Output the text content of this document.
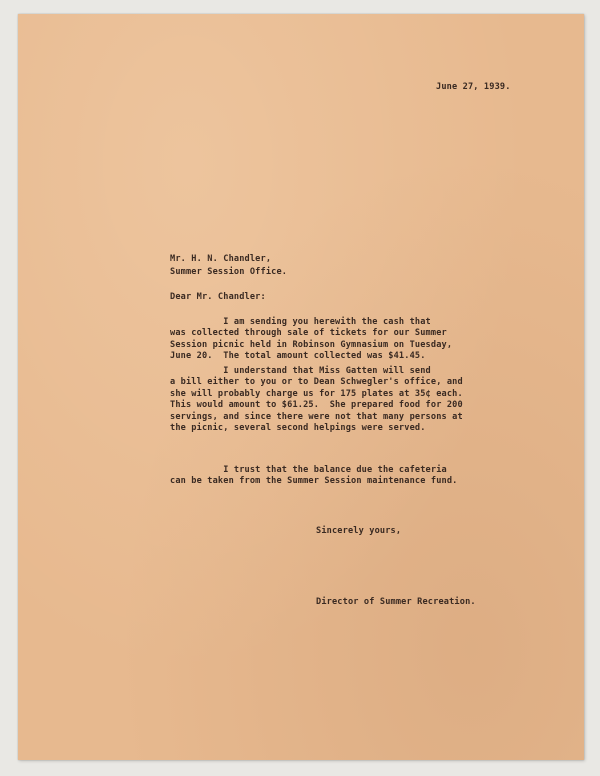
June 27, 1939.
Mr. H. N. Chandler,
Summer Session Office.
Dear Mr. Chandler:
I am sending you herewith the cash that
was collected through sale of tickets for our Summer
Session picnic held in Robinson Gymnasium on Tuesday,
June 20.  The total amount collected was $41.45.
I understand that Miss Gatten will send
a bill either to you or to Dean Schwegler's office, and
she will probably charge us for 175 plates at 35¢ each.
This would amount to $61.25.  She prepared food for 200
servings, and since there were not that many persons at
the picnic, several second helpings were served.
I trust that the balance due the cafeteria
can be taken from the Summer Session maintenance fund.
Sincerely yours,
Director of Summer Recreation.
